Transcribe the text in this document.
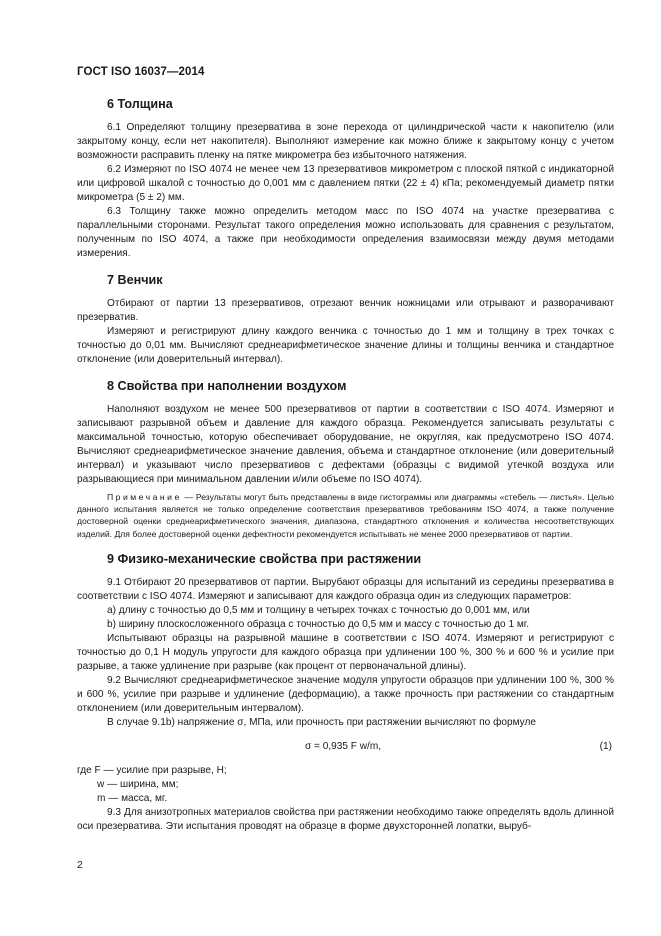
ГОСТ ISO 16037—2014
6 Толщина

6.1 Определяют толщину презерватива в зоне перехода от цилиндрической части к накопителю (или закрытому концу, если нет накопителя). Выполняют измерение как можно ближе к закрытому концу с учетом возможности расправить пленку на пятке микрометра без избыточного натяжения.

6.2 Измеряют по ISO 4074 не менее чем 13 презервативов микрометром с плоской пяткой с индикаторной или цифровой шкалой с точностью до 0,001 мм с давлением пятки (22 ± 4) кПа; рекомендуемый диаметр пятки микрометра (5 ± 2) мм.

6.3 Толщину также можно определить методом масс по ISO 4074 на участке презерватива с параллельными сторонами. Результат такого определения можно использовать для сравнения с результатом, полученным по ISO 4074, а также при необходимости определения взаимосвязи между двумя методами измерения.

7 Венчик

Отбирают от партии 13 презервативов, отрезают венчик ножницами или отрывают и разворачивают презерватив.

Измеряют и регистрируют длину каждого венчика с точностью до 1 мм и толщину в трех точках с точностью до 0,01 мм. Вычисляют среднеарифметическое значение длины и толщины венчика и стандартное отклонение (или доверительный интервал).

8 Свойства при наполнении воздухом

Наполняют воздухом не менее 500 презервативов от партии в соответствии с ISO 4074. Измеряют и записывают разрывной объем и давление для каждого образца. Рекомендуется записывать результаты с максимальной точностью, которую обеспечивает оборудование, не округляя, как предусмотрено ISO 4074. Вычисляют среднеарифметическое значение давления, объема и стандартное отклонение (или доверительный интервал) и указывают число презервативов с дефектами (образцы с видимой утечкой воздуха или разрывающиеся при минимальном давлении и/или объеме по ISO 4074).

Примечание — Результаты могут быть представлены в виде гистограммы или диаграммы «стебель — листья». Целью данного испытания является не только определение соответствия презервативов требованиям ISO 4074, а также получение достоверной оценки среднеарифметического значения, диапазона, стандартного отклонения и количества несоответствующих изделий. Для более достоверной оценки дефектности рекомендуется испытывать не менее 2000 презервативов от партии.

9 Физико-механические свойства при растяжении

9.1 Отбирают 20 презервативов от партии. Вырубают образцы для испытаний из середины презерватива в соответствии с ISO 4074. Измеряют и записывают для каждого образца один из следующих параметров:

a) длину с точностью до 0,5 мм и толщину в четырех точках с точностью до 0,001 мм, или

b) ширину плоскосложенного образца с точностью до 0,5 мм и массу с точностью до 1 мг.

Испытывают образцы на разрывной машине в соответствии с ISO 4074. Измеряют и регистрируют с точностью до 0,1 Н модуль упругости для каждого образца при удлинении 100 %, 300 % и 600 % и усилие при разрыве, а также удлинение при разрыве (как процент от первоначальной длины).

9.2 Вычисляют среднеарифметическое значение модуля упругости образцов при удлинении 100 %, 300 % и 600 %, усилие при разрыве и удлинение (деформацию), а также прочность при растяжении со стандартным отклонением (или доверительным интервалом).

В случае 9.1b) напряжение σ, МПа, или прочность при растяжении вычисляют по формуле

σ = 0,935 F w/m,	(1)

где F — усилие при разрыве, Н;

w — ширина, мм;

m — масса, мг.

9.3 Для анизотропных материалов свойства при растяжении необходимо также определять вдоль длинной оси презерватива. Эти испытания проводят на образце в форме двухсторонней лопатки, выруб-

2
